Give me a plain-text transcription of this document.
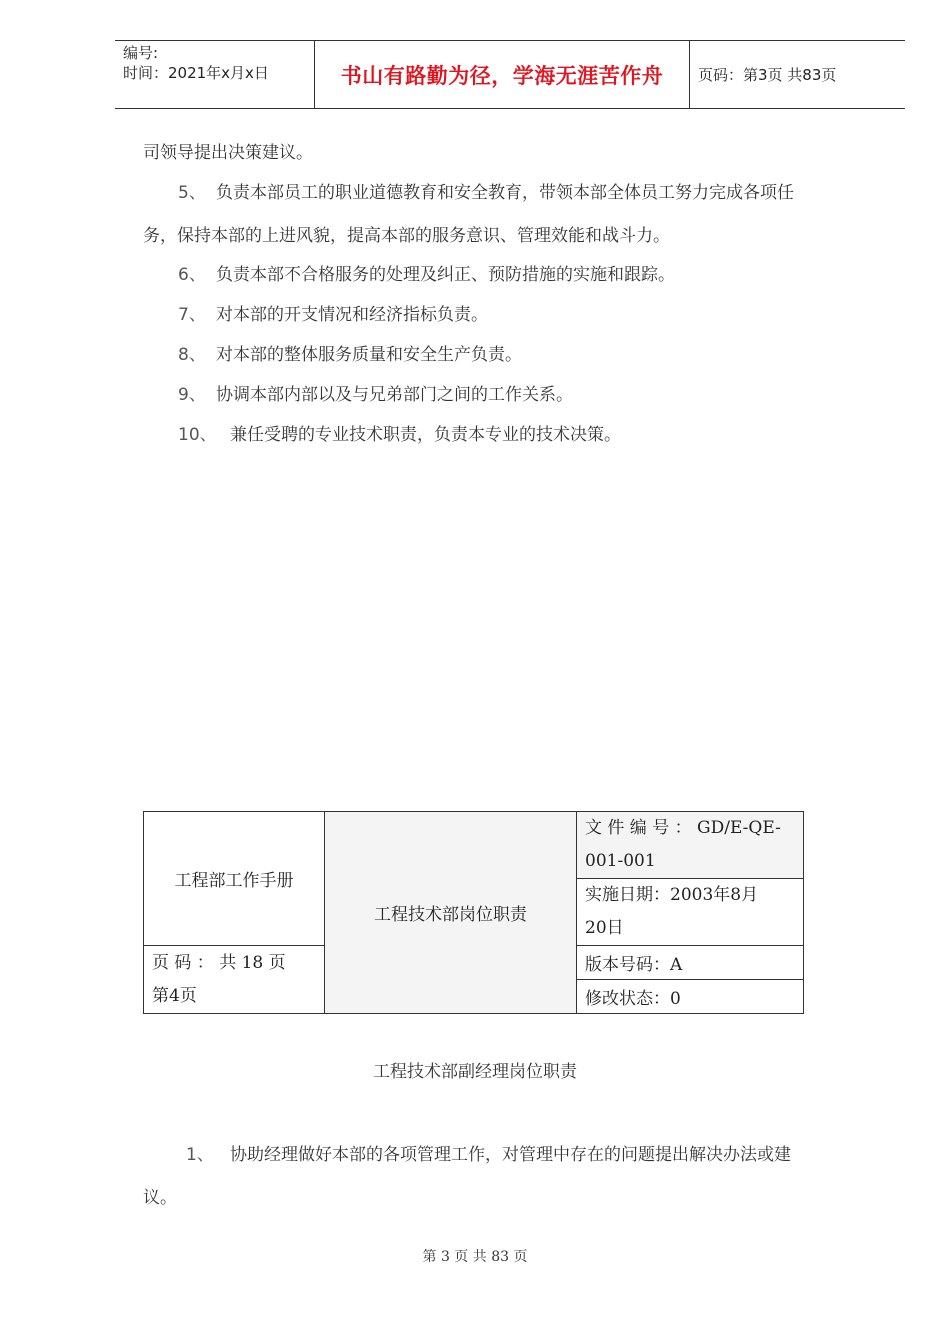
编号:
时间：2021年x月x日	书山有路勤为径，学海无涯苦作舟	页码：第3页 共83页
司领导提出决策建议。
5、 负责本部员工的职业道德教育和安全教育，带领本部全体员工努力完成各项任
务，保持本部的上进风貌，提高本部的服务意识、管理效能和战斗力。
6、 负责本部不合格服务的处理及纠正、预防措施的实施和跟踪。
7、 对本部的开支情况和经济指标负责。
8、 对本部的整体服务质量和安全生产负责。
9、 协调本部内部以及与兄弟部门之间的工作关系。
10、 兼任受聘的专业技术职责，负责本专业的技术决策。
工程部工作手册	工程技术部岗位职责	文 件 编 号 ： GD/E-QE-
001-001

		实施日期：2003年8月
20日

页 码 ： 共 18 页
第4页		版本号码：A
		修改状态：0
工程技术部副经理岗位职责
1、 协助经理做好本部的各项管理工作，对管理中存在的问题提出解决办法或建
议。
第 3 页 共 83 页
